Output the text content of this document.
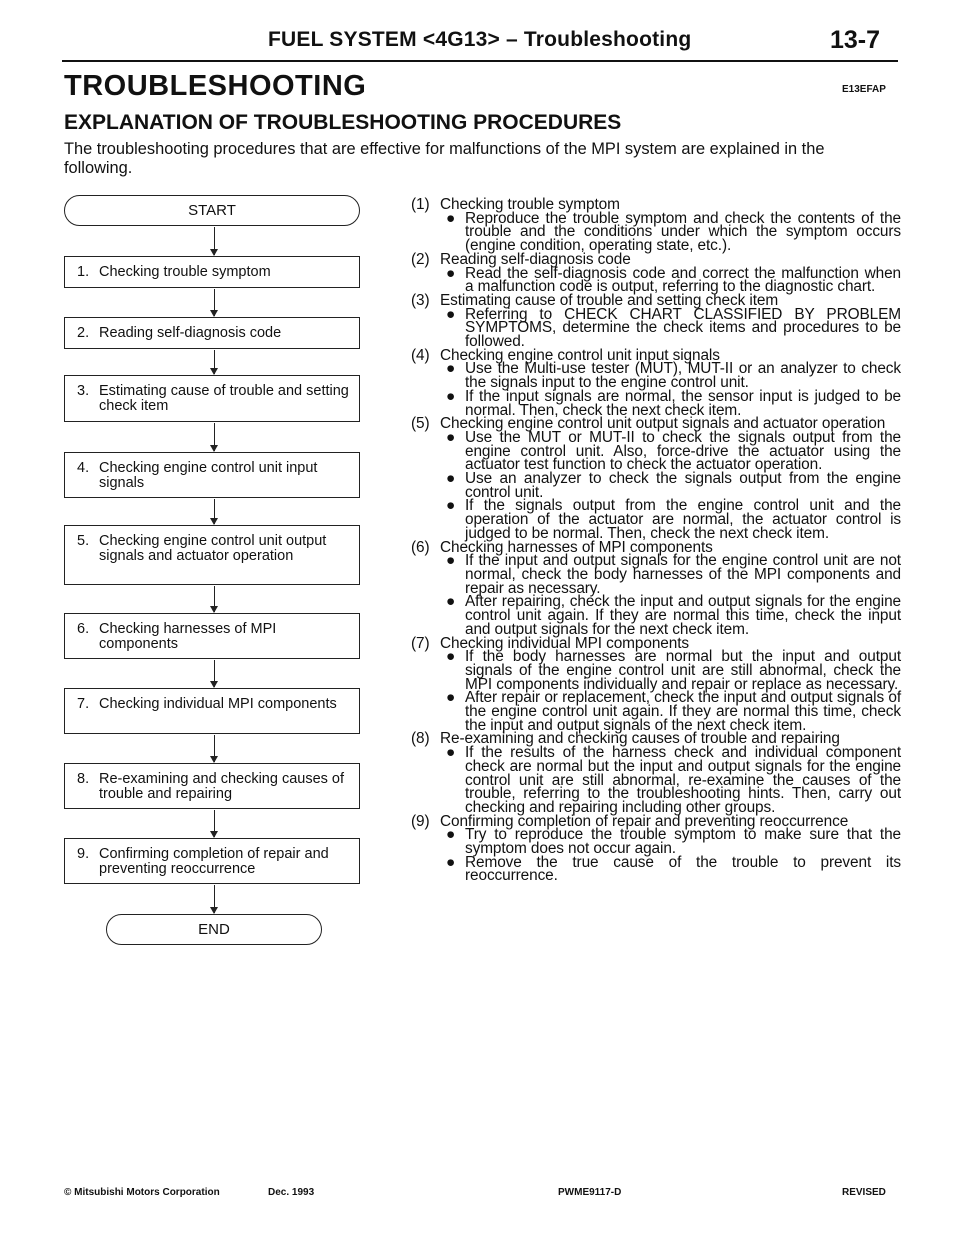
FUEL SYSTEM <4G13> – Troubleshooting	13-7
TROUBLESHOOTING	E13EFAP
EXPLANATION OF TROUBLESHOOTING PROCEDURES
The troubleshooting procedures that are effective for malfunctions of the MPI system are explained in the following.
START
1. Checking trouble symptom
2. Reading self-diagnosis code
3. Estimating cause of trouble and setting check item
4. Checking engine control unit input signals
5. Checking engine control unit output signals and actuator operation
6. Checking harnesses of MPI components
7. Checking individual MPI components
8. Re-examining and checking causes of trouble and repairing
9. Confirming completion of repair and preventing reoccurrence
END
(1) Checking trouble symptom
● Reproduce the trouble symptom and check the contents of the trouble and the conditions under which the symptom occurs (engine condition, operating state, etc.).
(2) Reading self-diagnosis code
● Read the self-diagnosis code and correct the malfunction when a malfunction code is output, referring to the diagnostic chart.
(3) Estimating cause of trouble and setting check item
● Referring to CHECK CHART CLASSIFIED BY PROBLEM SYMPTOMS, determine the check items and procedures to be followed.
(4) Checking engine control unit input signals
● Use the Multi-use tester (MUT), MUT-II or an analyzer to check the signals input to the engine control unit.
● If the input signals are normal, the sensor input is judged to be normal. Then, check the next check item.
(5) Checking engine control unit output signals and actuator operation
● Use the MUT or MUT-II to check the signals output from the engine control unit. Also, force-drive the actuator using the actuator test function to check the actuator operation.
● Use an analyzer to check the signals output from the engine control unit.
● If the signals output from the engine control unit and the operation of the actuator are normal, the actuator control is judged to be normal. Then, check the next check item.
(6) Checking harnesses of MPI components
● If the input and output signals for the engine control unit are not normal, check the body harnesses of the MPI components and repair as necessary.
● After repairing, check the input and output signals for the engine control unit again. If they are normal this time, check the input and output signals for the next check item.
(7) Checking individual MPI components
● If the body harnesses are normal but the input and output signals of the engine control unit are still abnormal, check the MPI components individually and repair or replace as necessary.
● After repair or replacement, check the input and output signals of the engine control unit again. If they are normal this time, check the input and output signals of the next check item.
(8) Re-examining and checking causes of trouble and repairing
● If the results of the harness check and individual component check are normal but the input and output signals for the engine control unit are still abnormal, re-examine the causes of the trouble, referring to the troubleshooting hints. Then, carry out checking and repairing including other groups.
(9) Confirming completion of repair and preventing reoccurrence
● Try to reproduce the trouble symptom to make sure that the symptom does not occur again.
● Remove the true cause of the trouble to prevent its reoccurrence.
© Mitsubishi Motors Corporation	Dec. 1993	PWME9117-D	REVISED
